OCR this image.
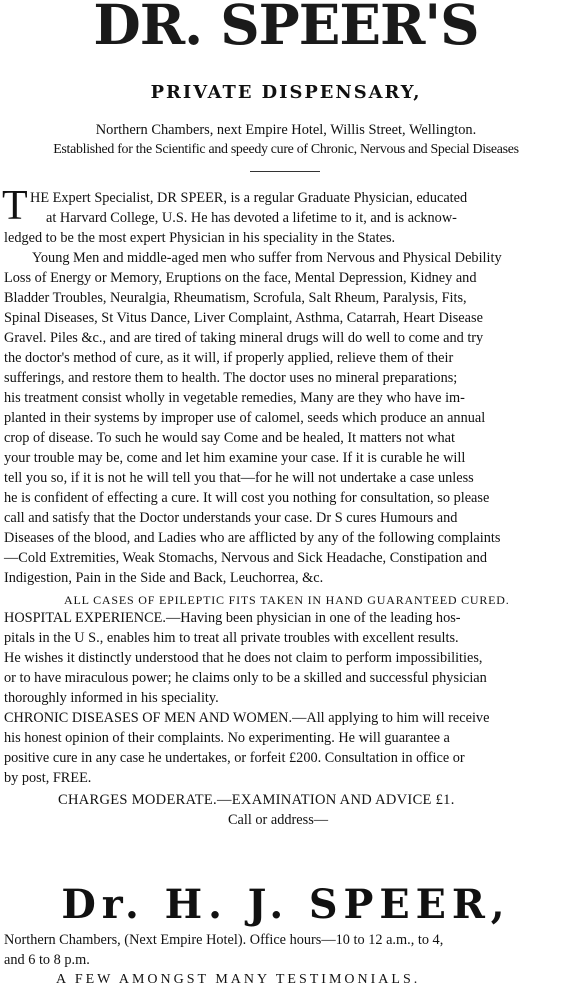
DR. SPEER'S
PRIVATE DISPENSARY,
Northern Chambers, next Empire Hotel, Willis Street, Wellington.
Established for the Scientific and speedy cure of Chronic, Nervous and Special Diseases
T HE Expert Specialist, DR SPEER, is a regular Graduate Physician, educated
at Harvard College, U.S. He has devoted a lifetime to it, and is acknow-
ledged to be the most expert Physician in his speciality in the States.
Young Men and middle-aged men who suffer from Nervous and Physical Debility
Loss of Energy or Memory, Eruptions on the face, Mental Depression, Kidney and
Bladder Troubles, Neuralgia, Rheumatism, Scrofula, Salt Rheum, Paralysis, Fits,
Spinal Diseases, St Vitus Dance, Liver Complaint, Asthma, Catarrah, Heart Disease
Gravel. Piles &c., and are tired of taking mineral drugs will do well to come and try
the doctor's method of cure, as it will, if properly applied, relieve them of their
sufferings, and restore them to health. The doctor uses no mineral preparations;
his treatment consist wholly in vegetable remedies, Many are they who have im-
planted in their systems by improper use of calomel, seeds which produce an annual
crop of disease. To such he would say Come and be healed, It matters not what
your trouble may be, come and let him examine your case. If it is curable he will
tell you so, if it is not he will tell you that—for he will not undertake a case unless
he is confident of effecting a cure. It will cost you nothing for consultation, so please
call and satisfy that the Doctor understands your case. Dr S cures Humours and
Diseases of the blood, and Ladies who are afflicted by any of the following complaints
—Cold Extremities, Weak Stomachs, Nervous and Sick Headache, Constipation and
Indigestion, Pain in the Side and Back, Leuchorrea, &c.
ALL CASES OF EPILEPTIC FITS TAKEN IN HAND GUARANTEED CURED.
HOSPITAL EXPERIENCE.—Having been physician in one of the leading hos-
pitals in the U S., enables him to treat all private troubles with excellent results.
He wishes it distinctly understood that he does not claim to perform impossibilities,
or to have miraculous power; he claims only to be a skilled and successful physician
thoroughly informed in his speciality.
CHRONIC DISEASES OF MEN AND WOMEN.—All applying to him will receive
his honest opinion of their complaints. No experimenting. He will guarantee a
positive cure in any case he undertakes, or forfeit £200. Consultation in office or
by post, FREE.
CHARGES MODERATE.—EXAMINATION AND ADVICE £1.
Call or address—
Dr. H. J. SPEER,
Northern Chambers, (Next Empire Hotel). Office hours—10 to 12 a.m., to 4,
and 6 to 8 p.m.
A FEW AMONGST MANY TESTIMONIALS.
